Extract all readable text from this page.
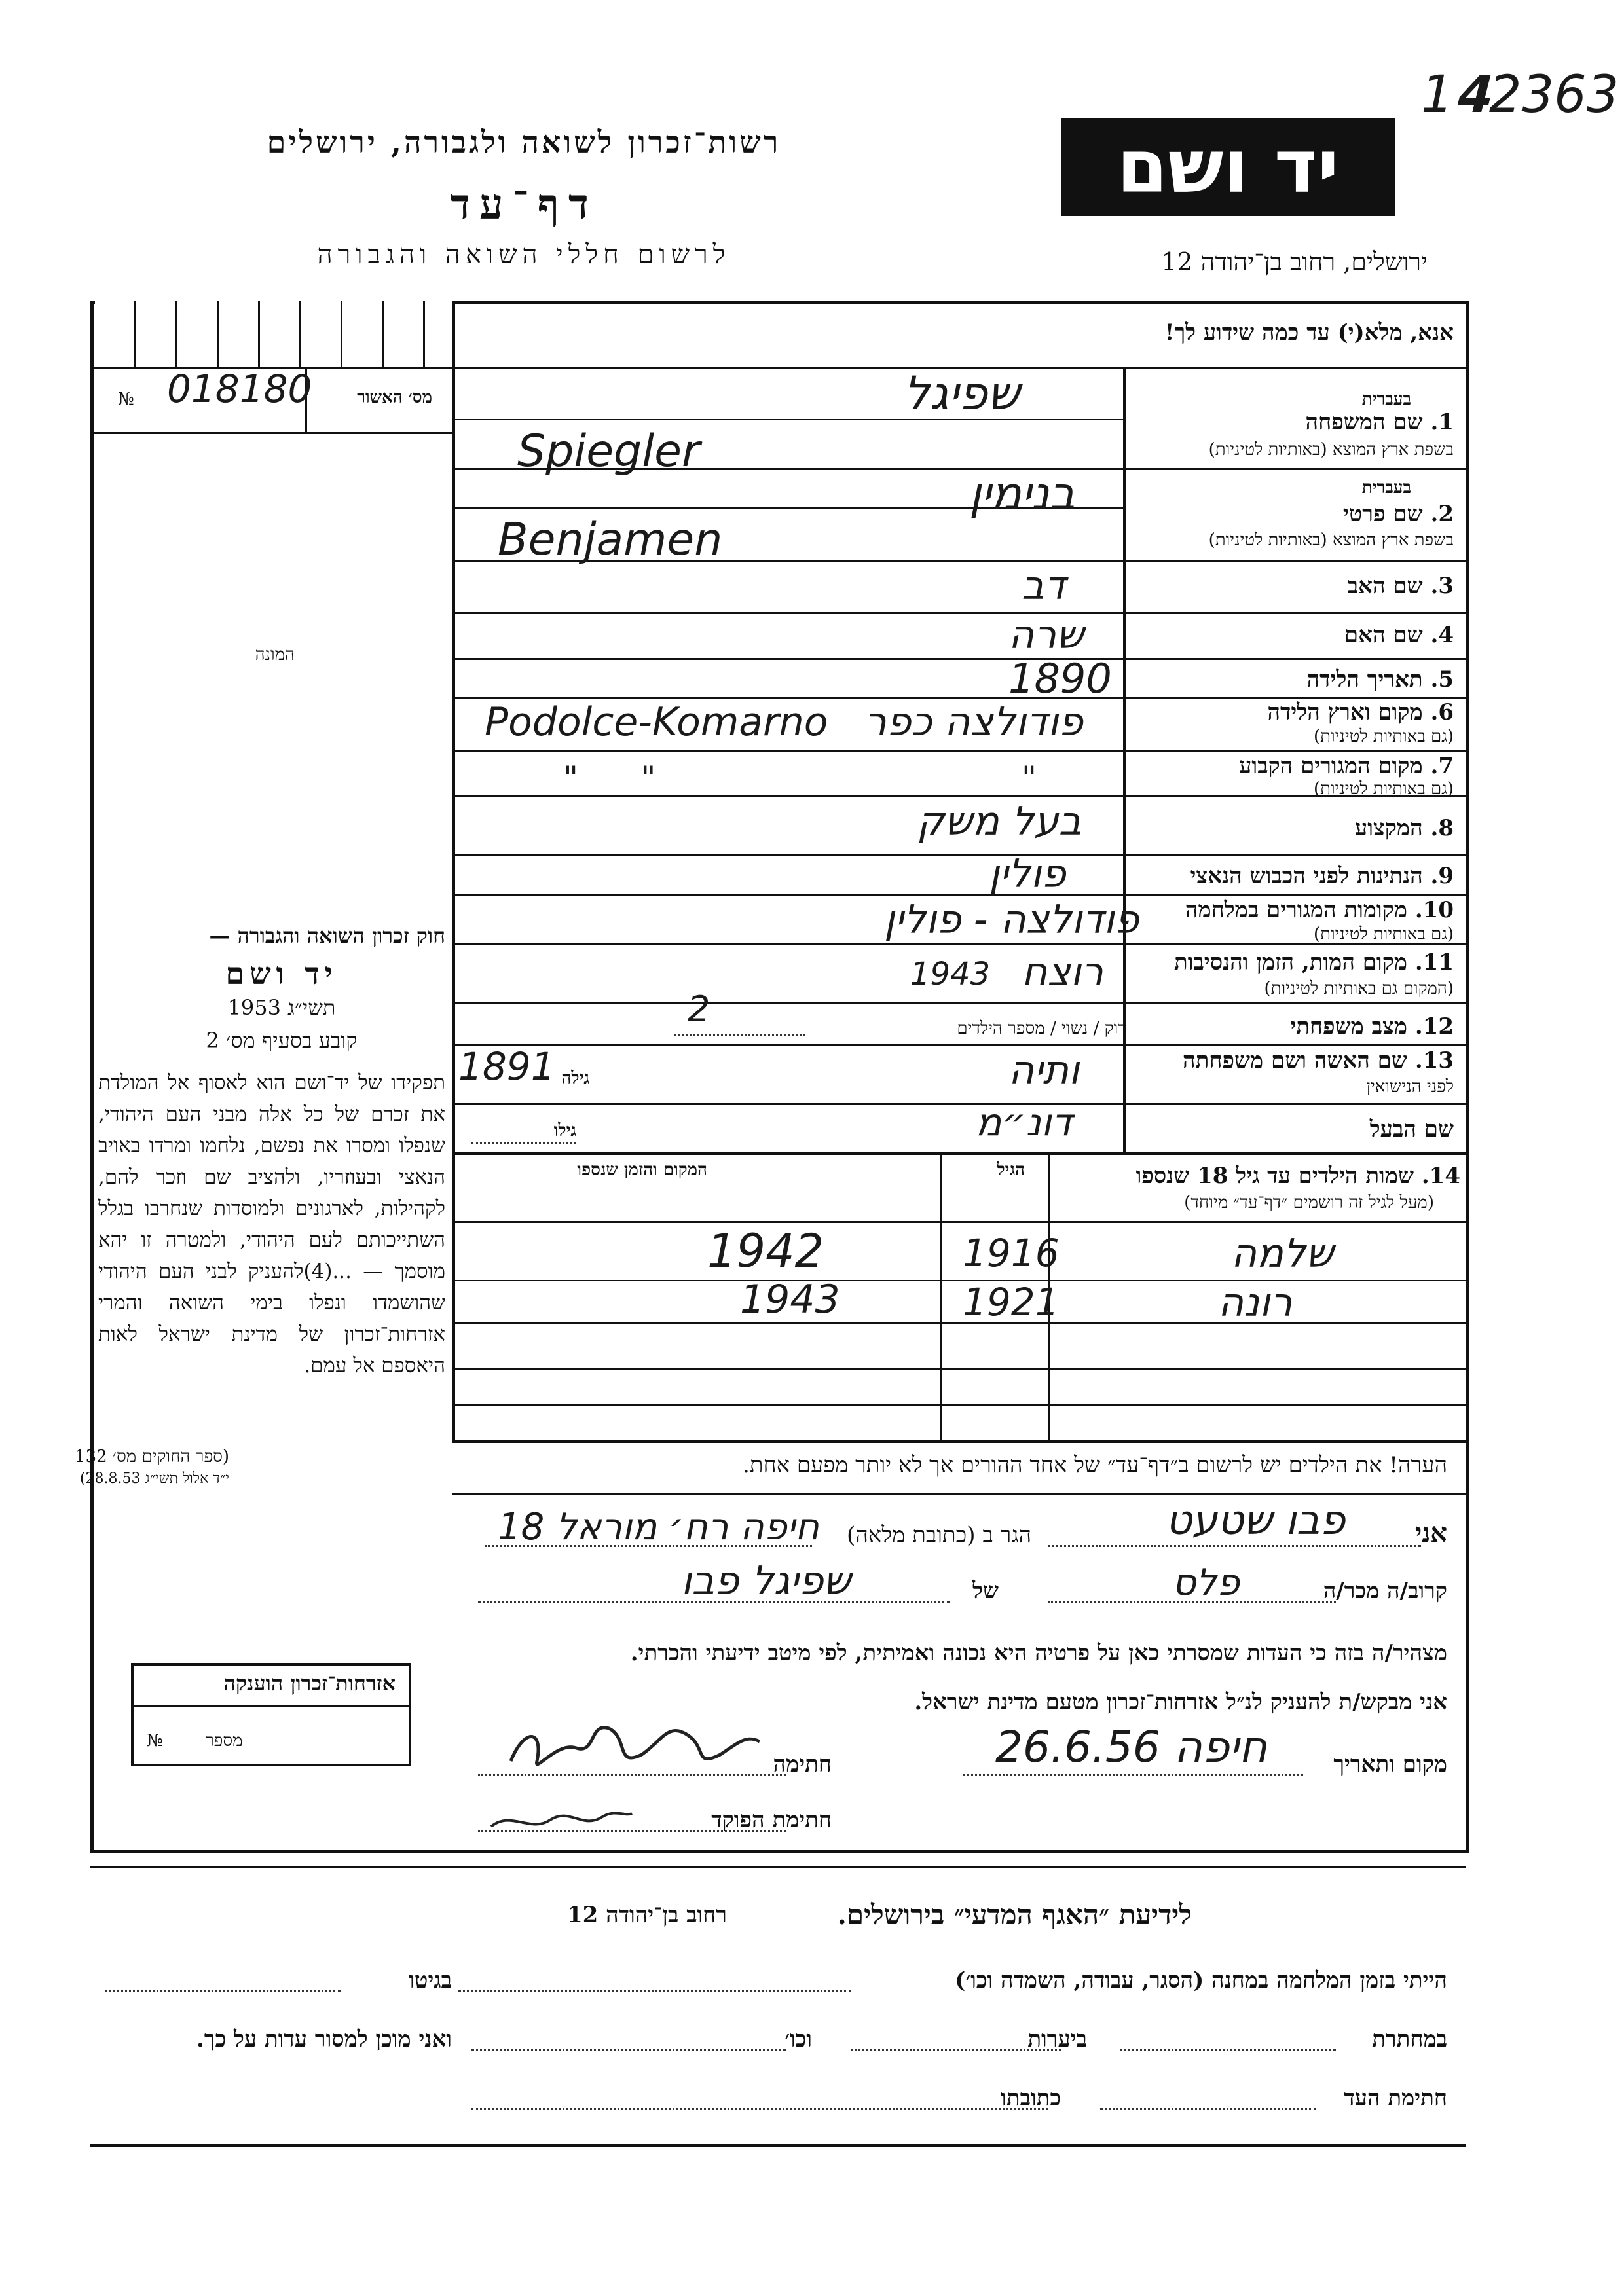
1𝟰2363
רשות־זכרון לשואה ולגבורה, ירושלים
דף־עד
לרשום חללי השואה והגבורה
יד ושם
ירושלים, רחוב בן־יהודה 12
אנא, מלא(י) עד כמה שידוע לך!
№ 018180	מס׳ האשור
המונה
בעברית
1. שם המשפחה
בשפת ארץ המוצא (באותיות לטיניות)
שפיגל
Spiegler
בעברית
2. שם פרטי
בשפת ארץ המוצא (באותיות לטיניות)
בנימין
Benjamen
3. שם האב
דב
4. שם האם
שרה
5. תאריך הלידה
1890
6. מקום וארץ הלידה
(גם באותיות לטיניות)
פודולצה כפר
Podolce-Komarno
7. מקום המגורים הקבוע
(גם באותיות לטיניות)
"
"      "
8. המקצוע
בעל משק
9. הנתינות לפני הכבוש הנאצי
פולין
10. מקומות המגורים במלחמה
(גם באותיות לטיניות)
פודולצה - פולין
11. מקום המות, הזמן והנסיבות
(המקום גם באותיות לטיניות)
רוצח
1943
12. מצב משפחתי
רוק / נשוי / מספר הילדים
2
13. שם האשה ושם משפחתה
לפני הנישואין
ותיה
גילה
1891
שם הבעל
דונ״מ
גילו
14. שמות הילדים עד גיל 18 שנספו
(מעל לגיל זה רושמים ״דף־עד״ מיוחד)
הגיל
המקום והזמן שנספו
שלמה
1916
1942
רונה
1921
1943
חוק זכרון השואה והגבורה —
יד ושם
תשי״ג 1953
קובע בסעיף מס׳ 2
תפקידו של יד־ושם הוא לאסוף אל המולדת את זכרם של כל אלה מבני העם היהודי, שנפלו ומסרו את נפשם, נלחמו ומרדו באויב הנאצי ובעוזריו, ולהציב שם וזכר להם, לקהילות, לארגונים ולמוסדות שנחרבו בגלל השתייכותם לעם היהודי, ולמטרה זו יהא מוסמך — ...(4)להעניק לבני העם היהודי שהושמדו ונפלו בימי השואה והמרי אזרחות־זכרון של מדינת ישראל לאות היאספם אל עמם.
(ספר החוקים מס׳ 132
י״ד אלול תשי״ג 28.8.53)
הערה! את הילדים יש לרשום ב״דף־עד״ של אחד ההורים אך לא יותר מפעם אחת.
אני
פבו שטעט
הגר ב (כתובת מלאה)
חיפה רח׳ מוראל 18
קרוב/ה מכר/ה
פלס
של
שפיגל פבו
מצהיר/ה בזה כי העדות שמסרתי כאן על פרטיה היא נכונה ואמיתית, לפי מיטב ידיעתי והכרתי.
אני מבקש/ת להעניק לנ״ל אזרחות־זכרון מטעם מדינת ישראל.
מקום ותאריך
חיפה 26.6.56
חתימה
חתימת הפוקד
אזרחות־זכרון הוענקה
№	מספר
לידיעת ״האגף המדעי״ בירושלים.
רחוב בן־יהודה 12
הייתי בזמן המלחמה במחנה (הסגר, עבודה, השמדה וכו׳)
בגיטו
במחתרת
ביערות
וכו׳
ואני מוכן למסור עדות על כך.
חתימת העד
כתובתו
